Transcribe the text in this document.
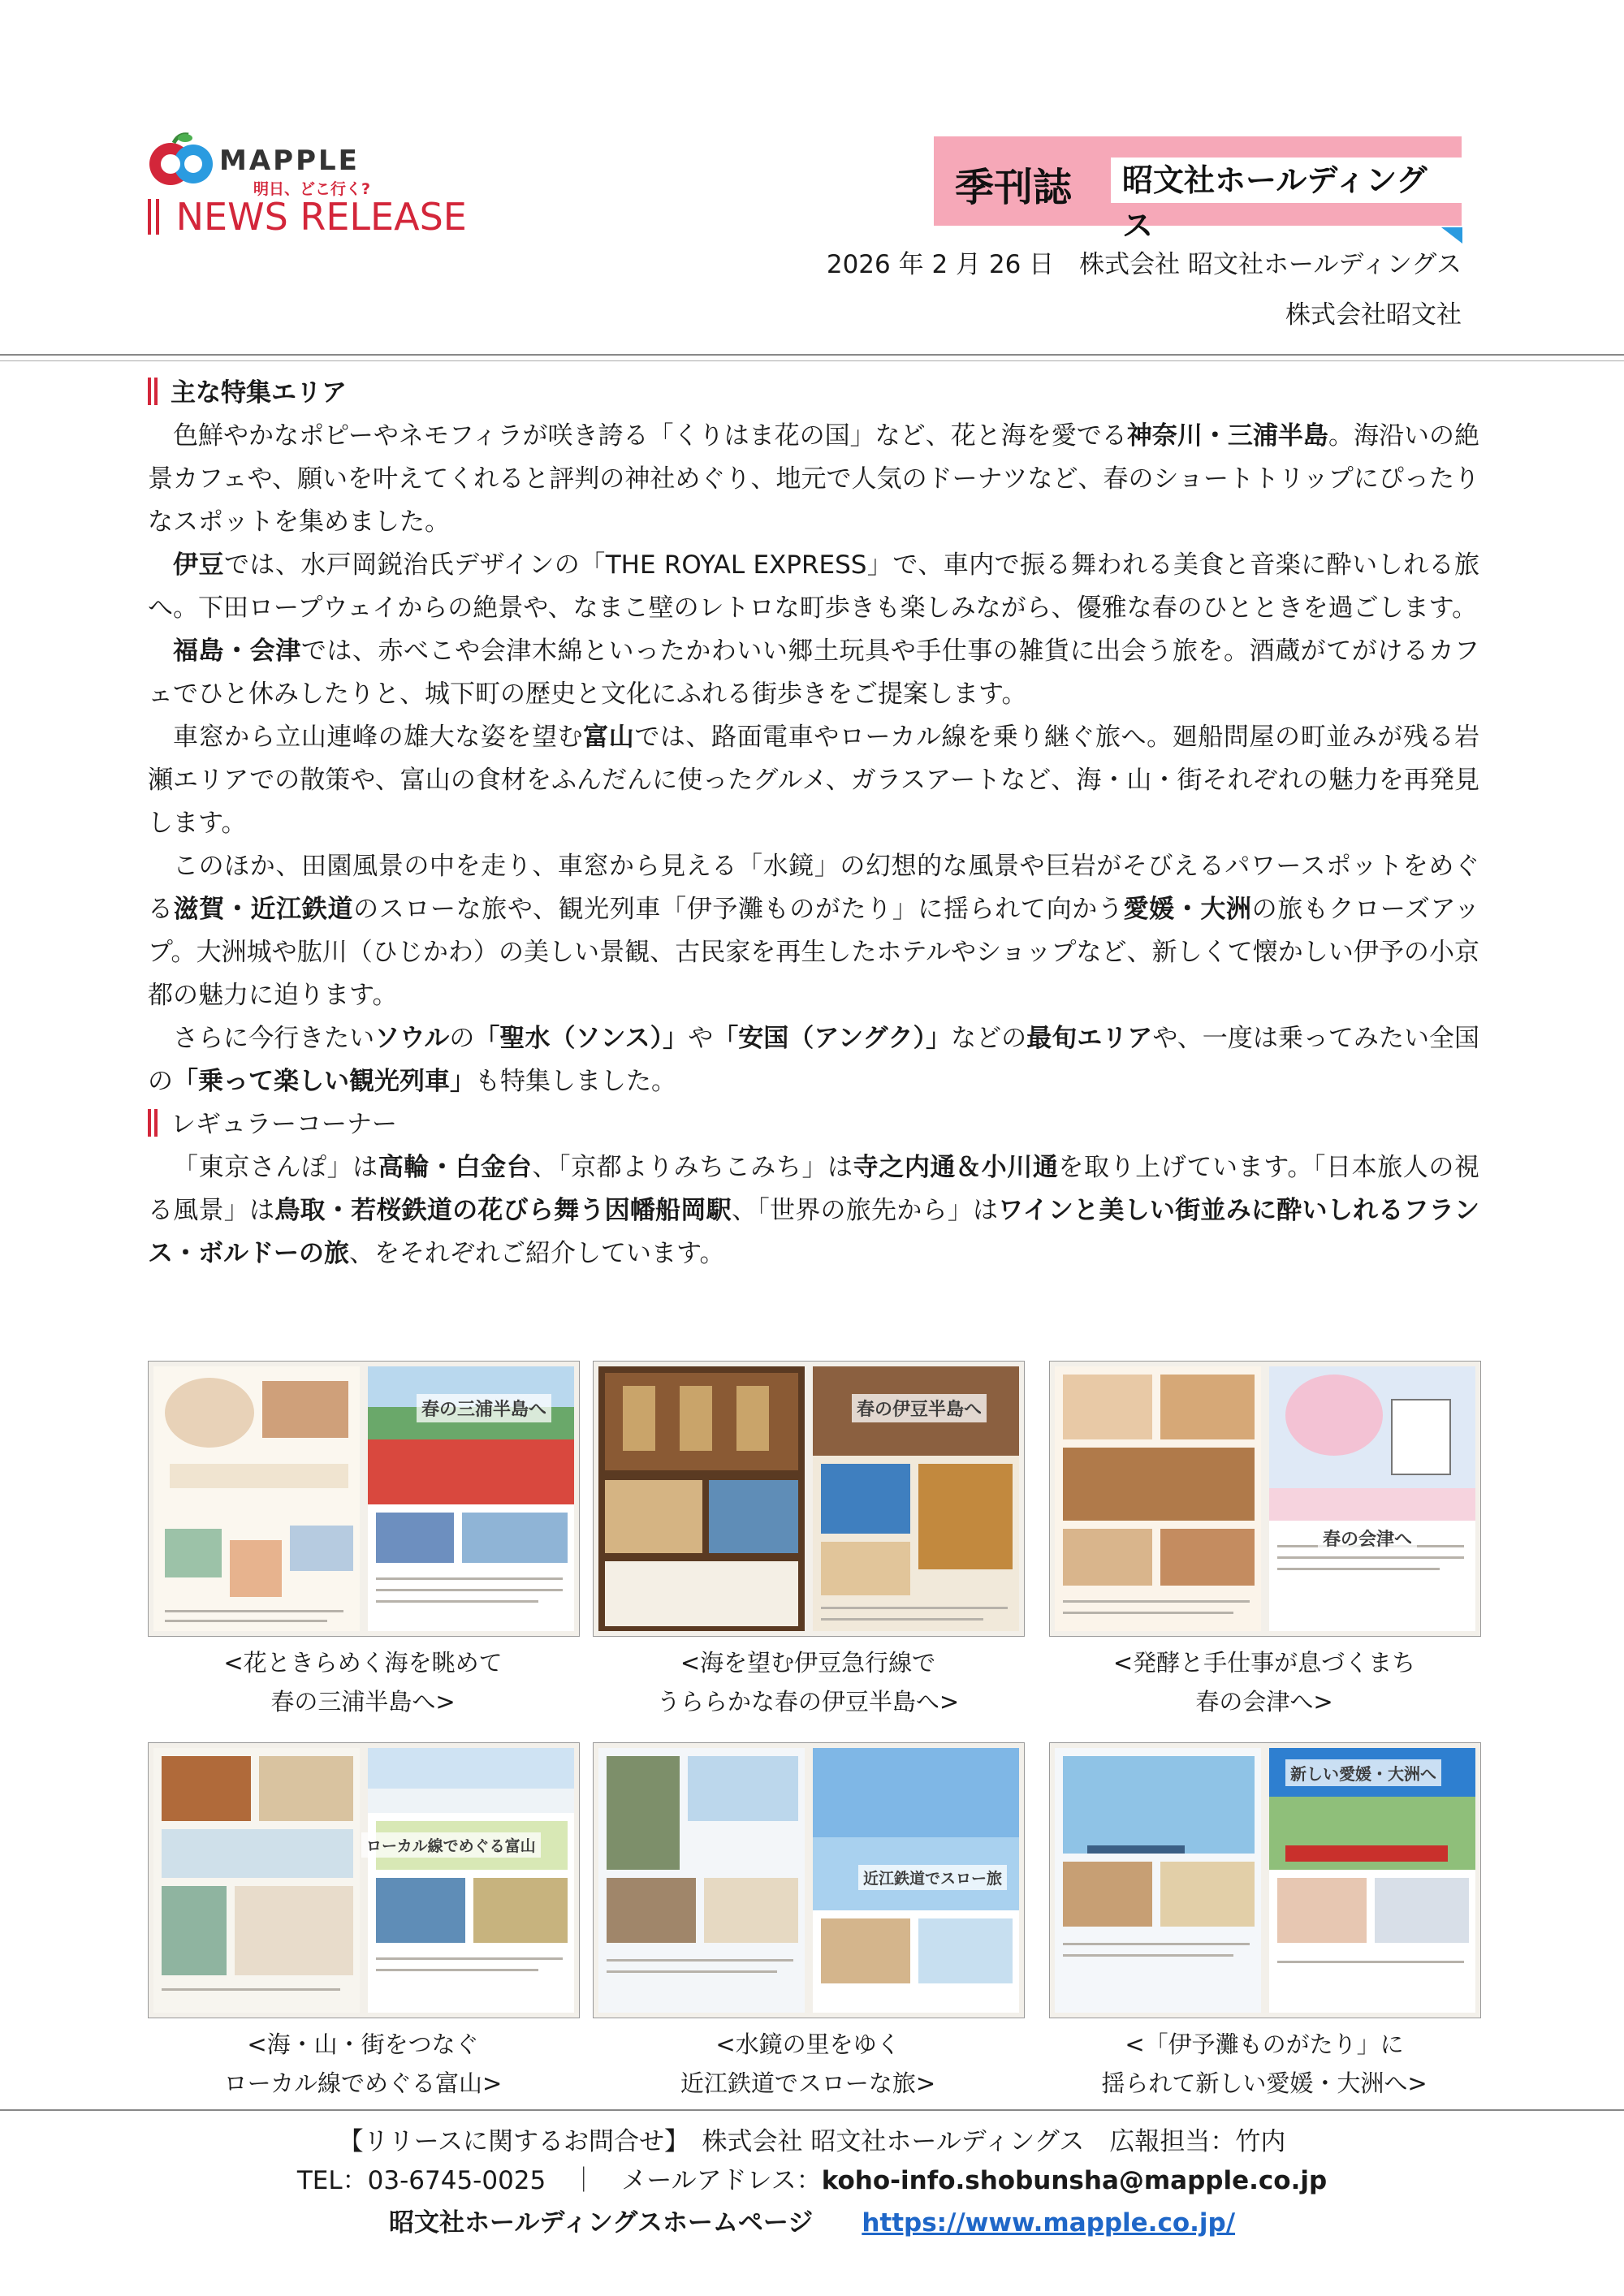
MAPPLE
明日、どこ行く?
NEWS RELEASE
季刊誌	昭文社ホールディングス
2026 年 2 月 26 日　株式会社 昭文社ホールディングス
株式会社昭文社
主な特集エリア

色鮮やかなポピーやネモフィラが咲き誇る「くりはま花の国」など、花と海を愛でる神奈川・三浦半島。海沿いの絶景カフェや、願いを叶えてくれると評判の神社めぐり、地元で人気のドーナツなど、春のショートトリップにぴったりなスポットを集めました。

伊豆では、水戸岡鋭治氏デザインの「THE ROYAL EXPRESS」で、車内で振る舞われる美食と音楽に酔いしれる旅へ。下田ロープウェイからの絶景や、なまこ壁のレトロな町歩きも楽しみながら、優雅な春のひとときを過ごします。

福島・会津では、赤べこや会津木綿といったかわいい郷土玩具や手仕事の雑貨に出会う旅を。酒蔵がてがけるカフェでひと休みしたりと、城下町の歴史と文化にふれる街歩きをご提案します。

車窓から立山連峰の雄大な姿を望む富山では、路面電車やローカル線を乗り継ぐ旅へ。廻船問屋の町並みが残る岩瀬エリアでの散策や、富山の食材をふんだんに使ったグルメ、ガラスアートなど、海・山・街それぞれの魅力を再発見します。

このほか、田園風景の中を走り、車窓から見える「水鏡」の幻想的な風景や巨岩がそびえるパワースポットをめぐる滋賀・近江鉄道のスローな旅や、観光列車「伊予灘ものがたり」に揺られて向かう愛媛・大洲の旅もクローズアップ。大洲城や肱川（ひじかわ）の美しい景観、古民家を再生したホテルやショップなど、新しくて懐かしい伊予の小京都の魅力に迫ります。

さらに今行きたいソウルの「聖水（ソンス）」や「安国（アングク）」などの最旬エリアや、一度は乗ってみたい全国の「乗って楽しい観光列車」も特集しました。

レギュラーコーナー

「東京さんぽ」は高輪・白金台、「京都よりみちこみち」は寺之内通＆小川通を取り上げています。「日本旅人の視る風景」は鳥取・若桜鉄道の花びら舞う因幡船岡駅、「世界の旅先から」はワインと美しい街並みに酔いしれるフランス・ボルドーの旅、をそれぞれご紹介しています。

春の三浦半島へ
<花ときらめく海を眺めて
春の三浦半島へ>
春の伊豆半島へ
<海を望む伊豆急行線で
うららかな春の伊豆半島へ>
春の会津へ
<発酵と手仕事が息づくまち
春の会津へ>
ローカル線でめぐる富山
<海・山・街をつなぐ
ローカル線でめぐる富山>
近江鉄道でスロー旅
<水鏡の里をゆく
近江鉄道でスローな旅>
新しい愛媛・大洲へ
<「伊予灘ものがたり」に
揺られて新しい愛媛・大洲へ>
【リリースに関するお問合せ】　株式会社 昭文社ホールディングス　広報担当：竹内
TEL：03-6745-0025　｜　メールアドレス：koho-info.shobunsha@mapple.co.jp
昭文社ホールディングスホームページ https://www.mapple.co.jp/
